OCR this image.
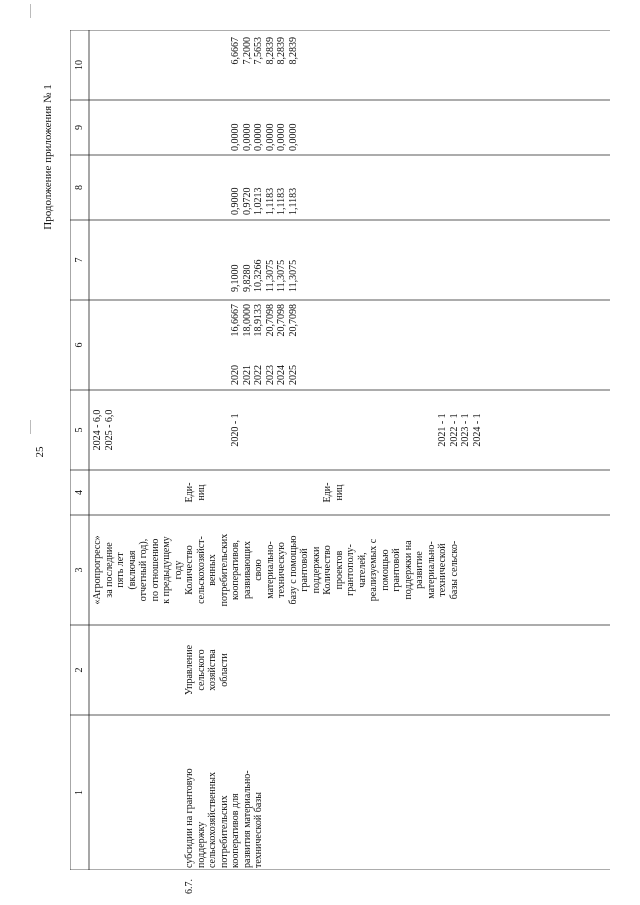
25
Продолжение приложения № 1
1
2
3
4
5
6
7
8
9
10
«Агропрогресс» за последние пять лет (включая отчетный год), по отношению к предыдущему году
2024 - 6,0 2025 - 6,0
6.7.
субсидии на грантовую поддержку сельскохозяйственных потребительских кооперативов для развития материально- технической базы
Управление сельского хозяйства области
Количество сельскохозяйст- венных потребительских кооперативов, развивающих свою материально- техническую базу с помощью грантовой поддержки
Еди- ниц
2020 - 1
Количество проектов грантополу- чателей, реализуемых с помощью грантовой поддержки на развитие материально- технической базы сельско-
Еди- ниц
2021 - 1 2022 - 1 2023 - 1 2024 - 1
2020 2021 2022 2023 2024 2025
16,6667 18,0000 18,9133 20,7098 20,7098 20,7098
9,1000 9,8280 10,3266 11,3075 11,3075 11,3075
0,9000 0,9720 1,0213 1,1183 1,1183 1,1183
0,0000 0,0000 0,0000 0,0000 0,0000 0,0000
6,6667 7,2000 7,5653 8,2839 8,2839 8,2839
